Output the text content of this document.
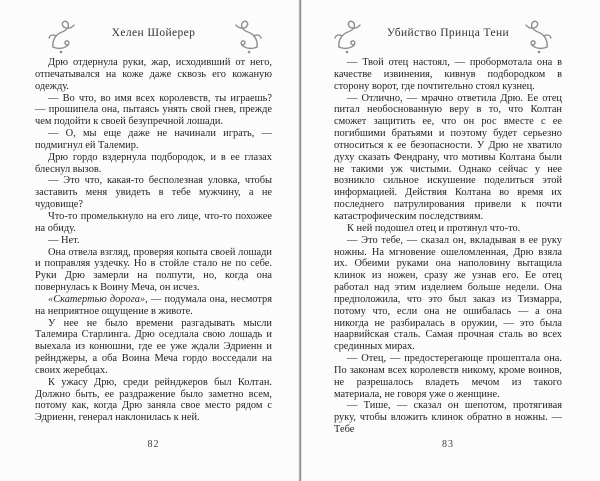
Хелен Шойерер

Дрю отдернула руки, жар, исходивший от него, отпечатывался на коже даже сквозь его кожаную одежду.

— Во что, во имя всех королевств, ты играешь? — прошипела она, пытаясь унять свой гнев, прежде чем подойти к своей безупречной лошади.

— О, мы еще даже не начинали играть, — подмигнул ей Талемир.

Дрю гордо вздернула подбородок, и в ее глазах блеснул вызов.

— Это что, какая-то бесполезная уловка, чтобы заставить меня увидеть в тебе мужчину, а не чудовище?

Что-то промелькнуло на его лице, что-то похожее на обиду.

— Нет.

Она отвела взгляд, проверяя копыта своей лошади и поправляя уздечку. Но в стойле стало не по себе. Руки Дрю замерли на полпути, но, когда она повернулась к Воину Меча, он исчез.

«Скатертью дорога», — подумала она, несмотря на неприятное ощущение в животе.

У нее не было времени разгадывать мысли Талемира Старлинга. Дрю оседлала свою лошадь и выехала из конюшни, где ее уже ждали Эдриенн и рейнджеры, а оба Воина Меча гордо восседали на своих жеребцах.

К ужасу Дрю, среди рейнджеров был Колтан. Должно быть, ее раздражение было заметно всем, потому как, когда Дрю заняла свое место рядом с Эдриенн, генерал наклонилась к ней.

82
Убийство Принца Тени

— Твой отец настоял, — пробормотала она в качестве извинения, кивнув подбородком в сторону ворот, где почтительно стоял кузнец.

— Отлично, — мрачно ответила Дрю. Ее отец питал необоснованную веру в то, что Колтан сможет защитить ее, что он рос вместе с ее погибшими братьями и поэтому будет серьезно относиться к ее безопасности. У Дрю не хватило духу сказать Фендрану, что мотивы Колтана были не такими уж чистыми. Однако сейчас у нее возникло сильное искушение поделиться этой информацией. Действия Колтана во время их последнего патрулирования привели к почти катастрофическим последствиям.

К ней подошел отец и протянул что-то.

— Это тебе, — сказал он, вкладывая в ее руку ножны. На мгновение ошеломленная, Дрю взяла их. Обеими руками она наполовину вытащила клинок из ножен, сразу же узнав его. Ее отец работал над этим изделием больше недели. Она предположила, что это был заказ из Тизмарра, потому что, если она не ошибалась — а она никогда не разбиралась в оружии, — это была наарвийская сталь. Самая прочная сталь во всех срединных мирах.

— Отец, — предостерегающе прошептала она. По законам всех королевств никому, кроме воинов, не разрешалось владеть мечом из такого материала, не говоря уже о женщине.

— Тише, — сказал он шепотом, протягивая руку, чтобы вложить клинок обратно в ножны. — Тебе

83
